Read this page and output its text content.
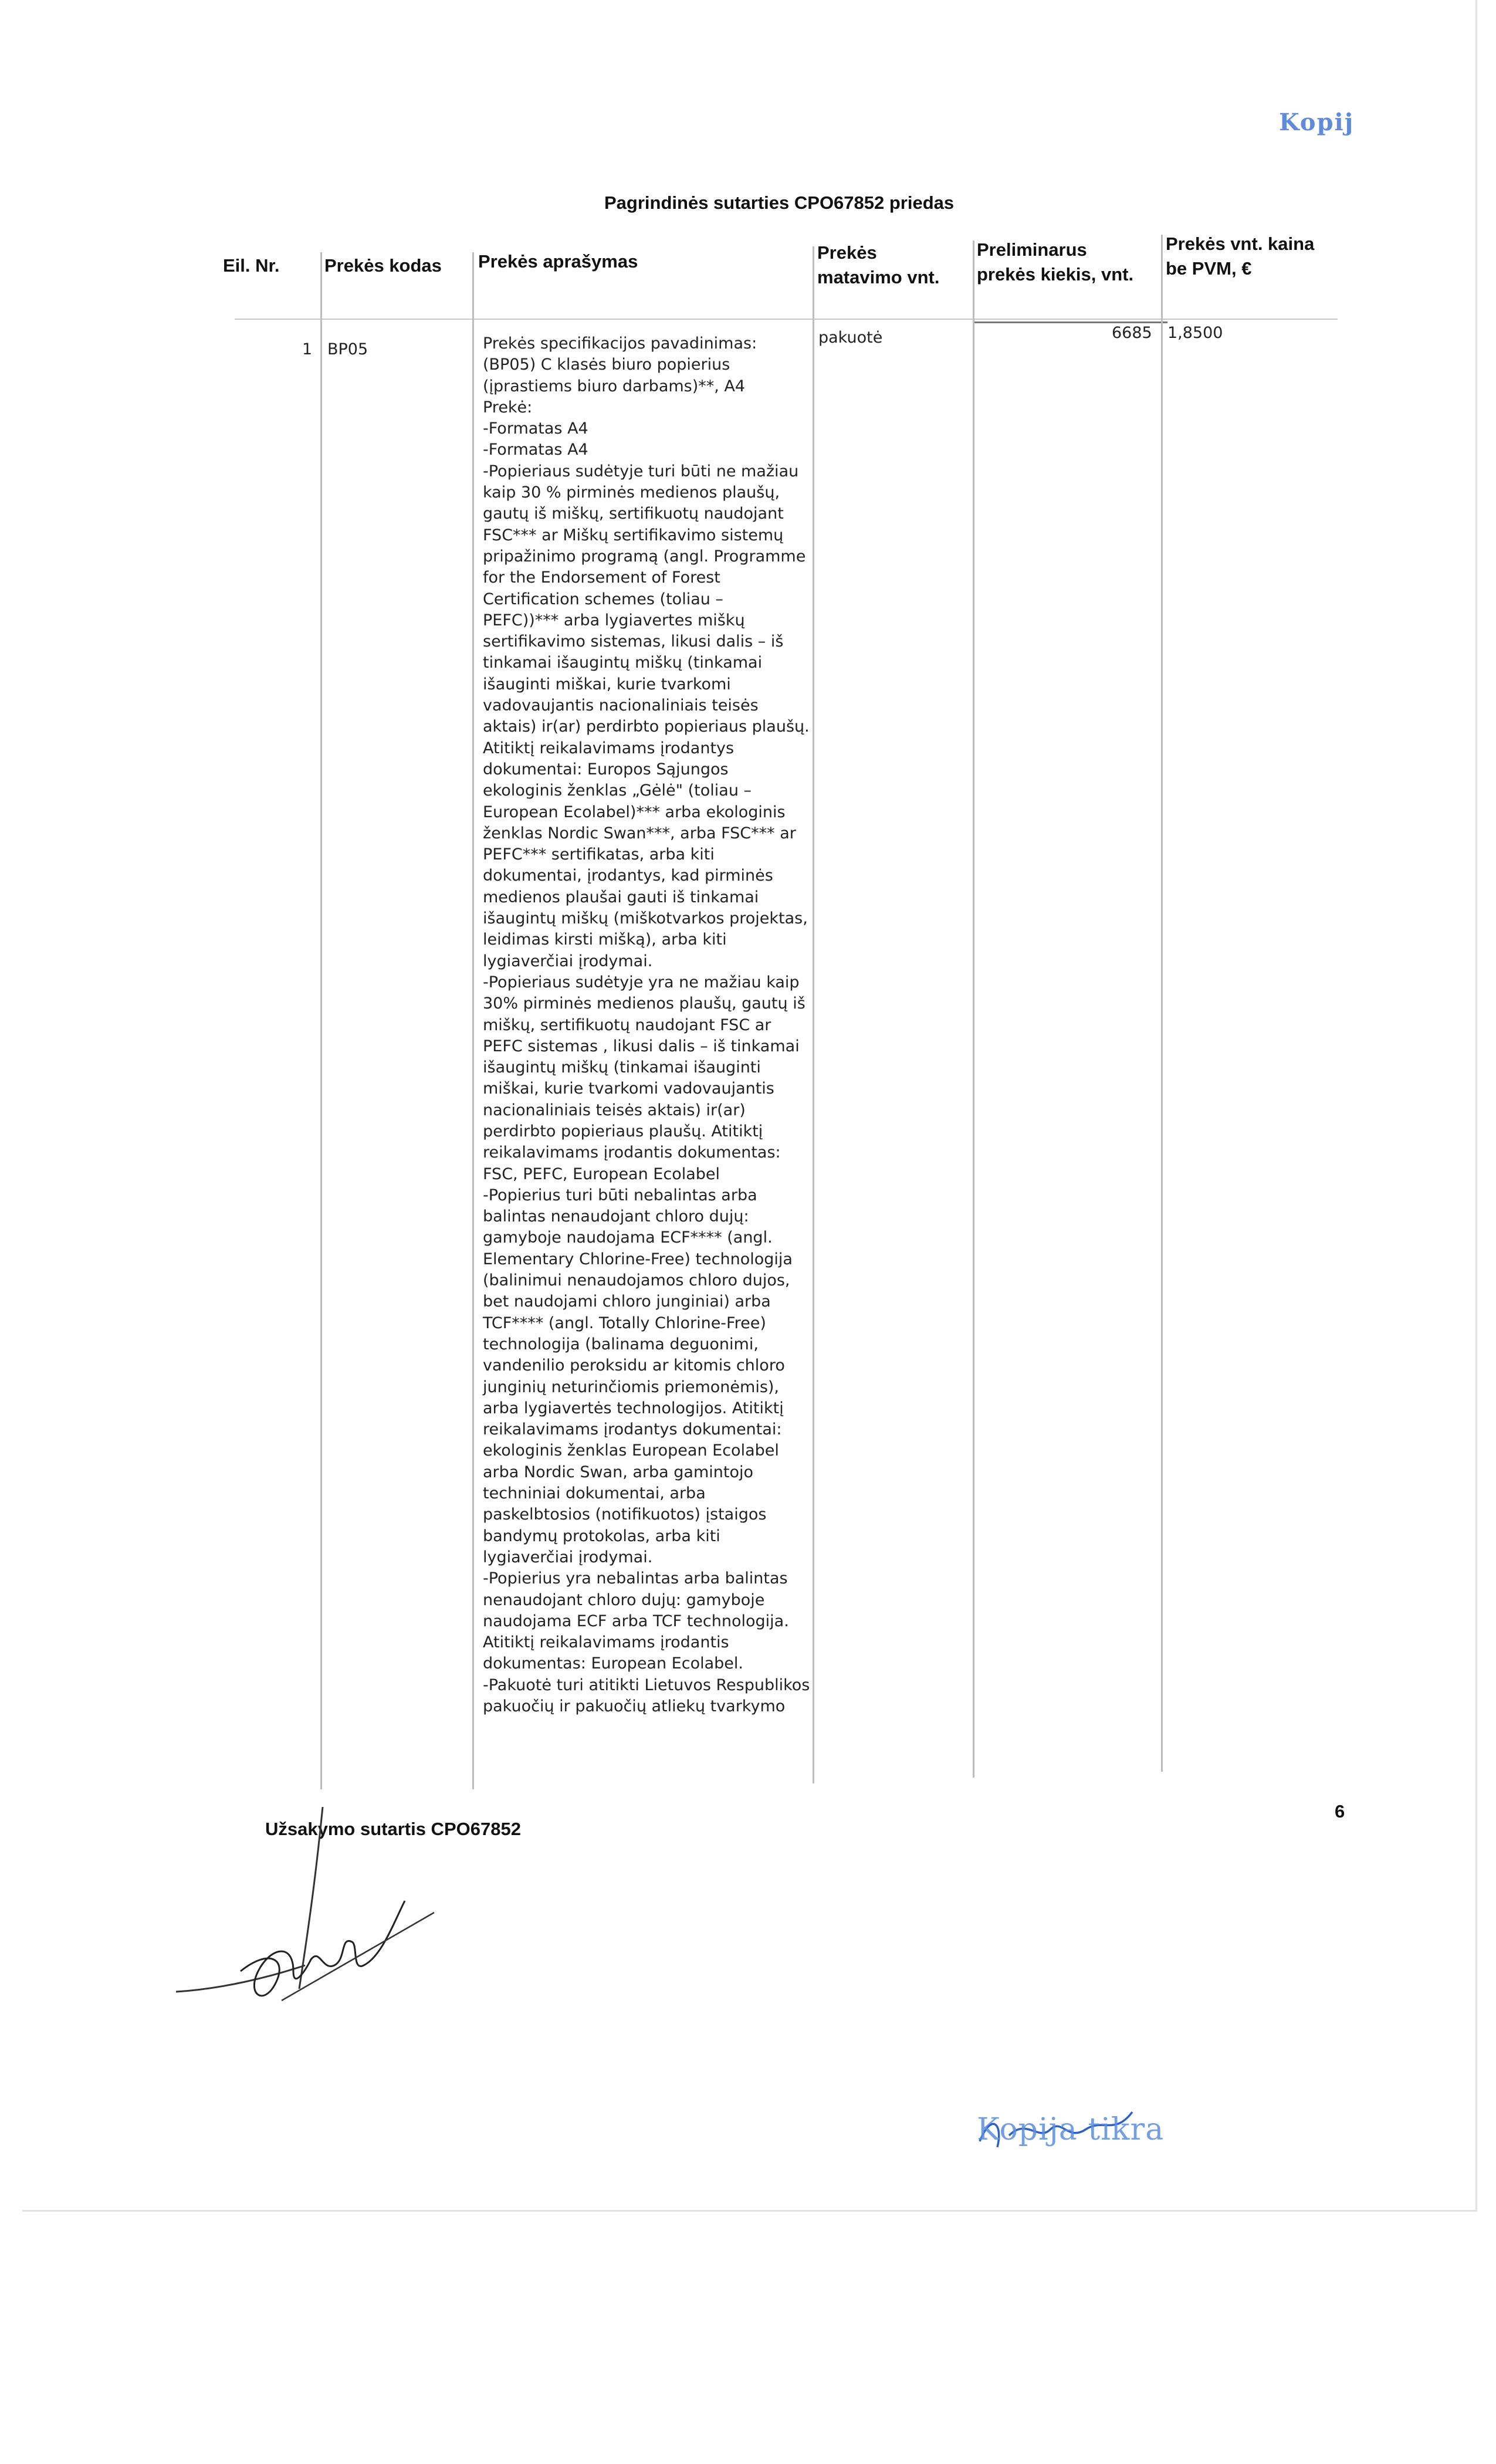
Kopij
Pagrindinės sutarties CPO67852 priedas
Eil. Nr. Prekės kodas Prekės aprašymas	Prekės
matavimo vnt.
Preliminarus
prekės kiekis, vnt.
Prekės vnt. kaina
be PVM, €
1 BP05
pakuotė	6685 1,8500
Prekės specifikacijos pavadinimas:
(BP05) C klasės biuro popierius
(įprastiems biuro darbams)**, A4
Prekė:
-Formatas A4
-Formatas A4
-Popieriaus sudėtyje turi būti ne mažiau
kaip 30 % pirminės medienos plaušų,
gautų iš miškų, sertifikuotų naudojant
FSC*** ar Miškų sertifikavimo sistemų
pripažinimo programą (angl. Programme
for the Endorsement of Forest
Certification schemes (toliau –
PEFC))*** arba lygiavertes miškų
sertifikavimo sistemas, likusi dalis – iš
tinkamai išaugintų miškų (tinkamai
išauginti miškai, kurie tvarkomi
vadovaujantis nacionaliniais teisės
aktais) ir(ar) perdirbto popieriaus plaušų.
Atitiktį reikalavimams įrodantys
dokumentai: Europos Sąjungos
ekologinis ženklas „Gėlė" (toliau –
European Ecolabel)*** arba ekologinis
ženklas Nordic Swan***, arba FSC*** ar
PEFC*** sertifikatas, arba kiti
dokumentai, įrodantys, kad pirminės
medienos plaušai gauti iš tinkamai
išaugintų miškų (miškotvarkos projektas,
leidimas kirsti mišką), arba kiti
lygiaverčiai įrodymai.
-Popieriaus sudėtyje yra ne mažiau kaip
30% pirminės medienos plaušų, gautų iš
miškų, sertifikuotų naudojant FSC ar
PEFC sistemas , likusi dalis – iš tinkamai
išaugintų miškų (tinkamai išauginti
miškai, kurie tvarkomi vadovaujantis
nacionaliniais teisės aktais) ir(ar)
perdirbto popieriaus plaušų. Atitiktį
reikalavimams įrodantis dokumentas:
FSC, PEFC, European Ecolabel
-Popierius turi būti nebalintas arba
balintas nenaudojant chloro dujų:
gamyboje naudojama ECF**** (angl.
Elementary Chlorine-Free) technologija
(balinimui nenaudojamos chloro dujos,
bet naudojami chloro junginiai) arba
TCF**** (angl. Totally Chlorine-Free)
technologija (balinama deguonimi,
vandenilio peroksidu ar kitomis chloro
junginių neturinčiomis priemonėmis),
arba lygiavertės technologijos. Atitiktį
reikalavimams įrodantys dokumentai:
ekologinis ženklas European Ecolabel
arba Nordic Swan, arba gamintojo
techniniai dokumentai, arba
paskelbtosios (notifikuotos) įstaigos
bandymų protokolas, arba kiti
lygiaverčiai įrodymai.
-Popierius yra nebalintas arba balintas
nenaudojant chloro dujų: gamyboje
naudojama ECF arba TCF technologija.
Atitiktį reikalavimams įrodantis
dokumentas: European Ecolabel.
-Pakuotė turi atitikti Lietuvos Respublikos
pakuočių ir pakuočių atliekų tvarkymo
Užsakymo sutartis CPO67852
6
Kopija tikra
